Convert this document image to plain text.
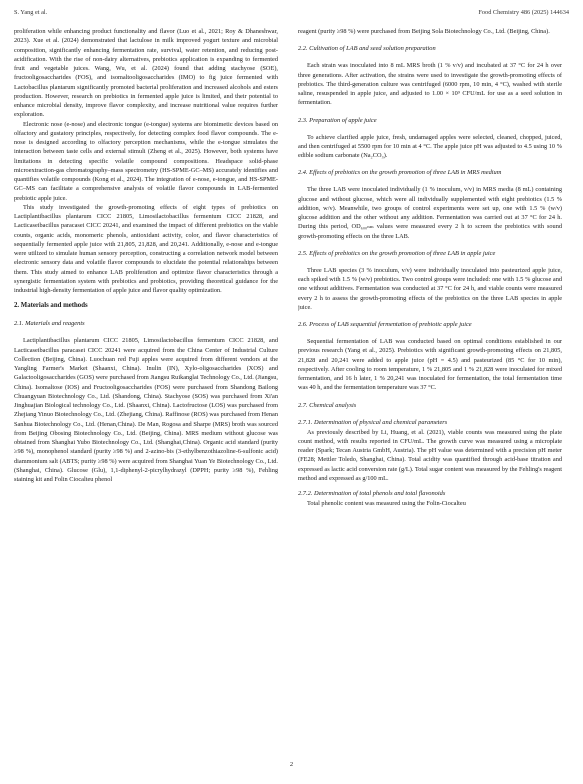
S. Yang et al.	Food Chemistry 486 (2025) 144634

proliferation while enhancing product functionality and flavor (Luo et al., 2021; Roy & Dhaneshwar, 2023). Xue et al. (2024) demonstrated that lactulose in milk improved yogurt texture and microbial composition, significantly enhancing fermentation rate, survival, water retention, and reducing post-acidification. With the rise of non-dairy alternatives, prebiotics application is expanding to fermented fruit and vegetable juices. Wang, Wu, et al. (2024) found that adding stachyose (SOE), fructooligosaccharides (FOS), and isomaltooligosaccharides (IMO) to fig juice fermented with Lactobacillus plantarum significantly promoted bacterial proliferation and increased alcohols and esters production. However, research on prebiotics in fermented apple juice is limited, and their potential to enhance microbial density, improve flavor complexity, and increase nutritional value requires further exploration.

Electronic nose (e-nose) and electronic tongue (e-tongue) systems are biomimetic devices based on olfactory and gustatory principles, respectively, for detecting complex food flavor compounds. The e-nose is designed according to olfactory perception mechanisms, while the e-tongue simulates the interaction between taste cells and external stimuli (Zheng et al., 2025). However, both systems have limitations in detecting specific volatile compound compositions. Headspace solid-phase microextraction-gas chromatography–mass spectrometry (HS-SPME-GC–MS) accurately identifies and quantifies volatile compounds (Kong et al., 2024). The integration of e-nose, e-tongue, and HS-SPME-GC–MS can facilitate a comprehensive analysis of volatile flavor compounds in LAB-fermented prebiotic apple juice.

This study investigated the growth-promoting effects of eight types of prebiotics on Lactiplantibacillus plantarum CICC 21805, Limosilactobacillus fermentum CICC 21828, and Lacticaseibacillus paracasei CICC 20241, and examined the impact of different prebiotics on the viable counts, organic acids, monomeric phenols, antioxidant activity, color, and flavor characteristics of sequentially fermented apple juice with 21,805, 21,828, and 20,241. Additionally, e-nose and e-tongue were utilized to simulate human sensory perception, constructing a correlation network model between electronic sensory data and volatile flavor compounds to elucidate the potential relationships between them. This study aimed to enhance LAB proliferation and optimize flavor characteristics through a synergistic fermentation system with prebiotics and probiotics, providing theoretical guidance for the industrial high-density fermentation of apple juice and flavor quality optimization.

2. Materials and methods
2.1. Materials and reagents

Lactiplantibacillus plantarum CICC 21805, Limosilactobacillus fermentum CICC 21828, and Lacticaseibacillus paracasei CICC 20241 were acquired from the China Center of Industrial Culture Collection (Beijing, China). Luochuan red Fuji apples were acquired from different vendors at the Yangling Farmer's Market (Shaanxi, China). Inulin (IN), Xylo-oligosaccharides (XOS) and Galactooligosaccharides (GOS) were purchased from Jiangsu Ruikanglai Technology Co., Ltd. (Jiangsu, China). Isomaltose (IOS) and Fructooligosaccharides (FOS) were purchased from Shandong Bailong Chuangyuan Biotechnology Co., Ltd. (Shandong, China). Stachyose (SOS) was purchased from Xi'an Jinghuajian Biological technology Co., Ltd. (Shaanxi, China). Lactofructose (LOS) was purchased from Zhejiang Yinuo Biotechnology Co., Ltd. (Zhejiang, China). Raffinose (ROS) was purchased from Henan Sanhua Biotechnology Co., Ltd. (Henan,China). De Man, Rogosa and Sharpe (MRS) broth was sourced from Beijing Obosing Biotechnology Co., Ltd. (Beijing, China). MRS medium without glucose was obtained from Shanghai Yubo Biotechnology Co., Ltd. (Shanghai,China). Organic acid standard (purity ≥98 %), monophenol standard (purity ≥98 %) and 2-azino-bis (3-ethylbenzothiazoline-6-sulfonic acid) diammonium salt (ABTS; purity ≥98 %) were acquired from Shanghai Yuan Ye Biotechnology Co., Ltd. (Shanghai, China). Glucose (Glu), 1,1-diphenyl-2-picrylhydrazyl (DPPH; purity ≥98 %), Fehling staining kit and Folin Ciocalteu phenol

reagent (purity ≥98 %) were purchased from Beijing Sola Biotechnology Co., Ltd. (Beijing, China).

2.2. Cultivation of LAB and seed solution preparation

Each strain was inoculated into 8 mL MRS broth (1 % v/v) and incubated at 37 °C for 24 h over three generations. After activation, the strains were used to investigate the growth-promoting effects of prebiotics. The third-generation culture was centrifuged (6000 rpm, 10 min, 4 °C), washed with sterile saline, resuspended in apple juice, and adjusted to 1.00 × 10⁹ CFU/mL for use as a seed solution in fermentation.

2.3. Preparation of apple juice

To achieve clarified apple juice, fresh, undamaged apples were selected, cleaned, chopped, juiced, and then centrifuged at 5500 rpm for 10 min at 4 °C. The apple juice pH was adjusted to 4.5 using 10 % edible sodium carbonate (Na₂CO₃).

2.4. Effects of prebiotics on the growth promotion of three LAB in MRS medium

The three LAB were inoculated individually (1 % inoculum, v/v) in MRS media (8 mL) containing glucose and without glucose, which were all individually supplemented with eight prebiotics (1.5 % addition, w/v). Meanwhile, two groups of control experiments were set up, one with 1.5 % (w/v) glucose addition and the other without any addition. Fermentation was carried out at 37 °C for 24 h. During this period, OD₆₀₀ₙₘ values were measured every 2 h to screen the prebiotics with sound growth-promoting effects on the three LAB.

2.5. Effects of prebiotics on the growth promotion of three LAB in apple juice

Three LAB species (3 % inoculum, v/v) were individually inoculated into pasteurized apple juice, each spiked with 1.5 % (w/v) prebiotics. Two control groups were included: one with 1.5 % glucose and one without additives. Fermentation was conducted at 37 °C for 24 h, and viable counts were measured every 2 h to assess the growth-promoting effects of the prebiotics on the three LAB species in apple juice.

2.6. Process of LAB sequential fermentation of prebiotic apple juice

Sequential fermentation of LAB was conducted based on optimal conditions established in our previous research (Yang et al., 2025). Prebiotics with significant growth-promoting effects on 21,805, 21,828 and 20,241 were added to apple juice (pH = 4.5) and pasteurized (85 °C for 10 min), respectively. After cooling to room temperature, 1 % 21,805 and 1 % 21,828 were inoculated for mixed fermentation, and 16 h later, 1 % 20,241 was inoculated for fermentation, the total fermentation time was 40 h, and the fermentation temperature was 37 °C.

2.7. Chemical analysis
2.7.1. Determination of physical and chemical parameters

As previously described by Li, Huang, et al. (2021), viable counts was measured using the plate count method, with results reported in CFU/mL. The growth curve was measured using a microplate reader (Spark; Tecan Austria GmbH, Austria). The pH value was determined with a precision pH meter (FE28; Mettler Toledo, Shanghai, China). Total acidity was quantified through acid-base titration and expressed as lactic acid conversion rate (g/L). Total sugar content was measured by the Fehling's reagent method and expressed as g/100 mL.

2.7.2. Determination of total phenols and total flavonoids

Total phenolic content was measured using the Folin-Ciocalteu

2
